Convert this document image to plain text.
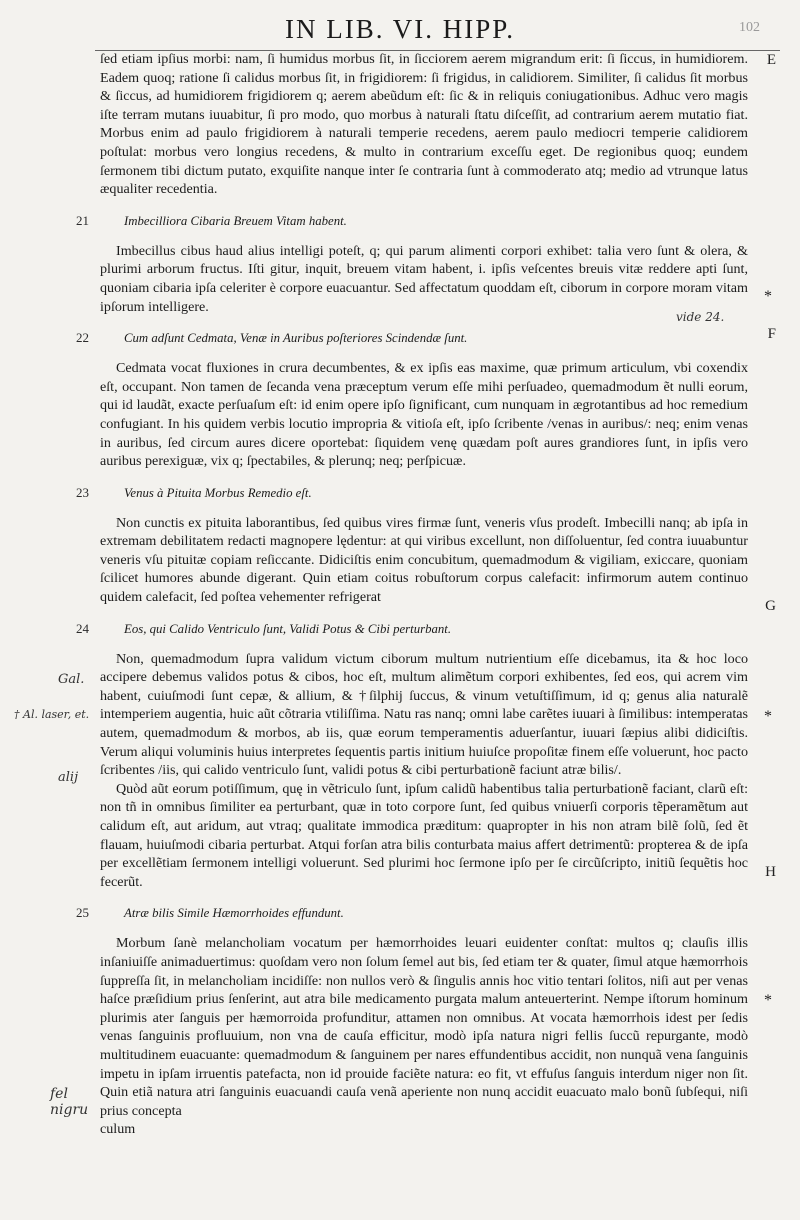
IN LIB. VI. HIPP.	102
E
F
G
H
*
*
*
Gal.
† Al. laser, et.
alij
fel nigru
vide 24.

ſed etiam ipſius morbi: nam, ſi humidus morbus ſit, in ſicciorem aerem migrandum erit: ſi ſiccus, in humidiorem. Eadem quoq; ratione ſi calidus morbus ſit, in frigidiorem: ſi frigidus, in calidiorem. Similiter, ſi calidus ſit morbus & ſiccus, ad humidiorem frigidiorem q; aerem abeũdum eſt: ſic & in reliquis coniugationibus. Adhuc vero magis iſte terram mutans iuuabitur, ſi pro modo, quo morbus à naturali ſtatu diſceſſit, ad contrarium aerem mutatio fiat. Morbus enim ad paulo frigidiorem à naturali temperie recedens, aerem paulo mediocri temperie calidiorem poſtulat: morbus vero longius recedens, & multo in contrarium exceſſu eget. De regionibus quoq; eundem ſermonem tibi dictum putato, exquiſite nanque inter ſe contraria ſunt à commoderato atq; medio ad vtrunque latus æqualiter recedentia.

21	Imbecilliora Cibaria Breuem Vitam habent.

Imbecillus cibus haud alius intelligi poteſt, q; qui parum alimenti corpori exhibet: talia vero ſunt & olera, & plurimi arborum fructus. Iſti gitur, inquit, breuem vitam habent, i. ipſis veſcentes breuis vitæ reddere apti ſunt, quoniam cibaria ipſa celeriter è corpore euacuantur. Sed affectatum quoddam eſt, ciborum in corpore moram vitam ipſorum intelligere.

22	Cum adſunt Cedmata, Venæ in Auribus poſteriores Scindendæ ſunt.

Cedmata vocat fluxiones in crura decumbentes, & ex ipſis eas maxime, quæ primum articulum, vbi coxendix eſt, occupant. Non tamen de ſecanda vena præceptum verum eſſe mihi perſuadeo, quemadmodum ẽt nulli eorum, qui id laudãt, exacte perſuaſum eſt: id enim opere ipſo ſignificant, cum nunquam in ægrotantibus ad hoc remedium confugiant. In his quidem verbis locutio impropria & vitioſa eſt, ipſo ſcribente /venas in auribus/: neq; enim venas in auribus, ſed circum aures dicere oportebat: ſiquidem venę quædam poſt aures grandiores ſunt, in ipſis vero auribus perexiguæ, vix q; ſpectabiles, & plerunq; neq; perſpicuæ.

23	Venus à Pituita Morbus Remedio eſt.

Non cunctis ex pituita laborantibus, ſed quibus vires firmæ ſunt, veneris vſus prodeſt. Imbecilli nanq; ab ipſa in extremam debilitatem redacti magnopere lędentur: at qui viribus excellunt, non diſſoluentur, ſed contra iuuabuntur veneris vſu pituitæ copiam reſiccante. Didiciſtis enim concubitum, quemadmodum & vigiliam, exiccare, quoniam ſcilicet humores abunde digerant. Quin etiam coitus robuſtorum corpus calefacit: infirmorum autem continuo quidem calefacit, ſed poſtea vehementer refrigerat

24	Eos, qui Calido Ventriculo ſunt, Validi Potus & Cibi perturbant.

Non, quemadmodum ſupra validum victum ciborum multum nutrientium eſſe dicebamus, ita & hoc loco accipere debemus validos potus & cibos, hoc eſt, multum alimẽtum corpori exhibentes, ſed eos, qui acrem vim habent, cuiuſmodi ſunt cepæ, & allium, & †ſilphij ſuccus, & vinum vetuſtiſſimum, id q; genus alia naturalẽ intemperiem augentia, huic aũt cõtraria vtiliſſima. Natu ras nanq; omni labe carẽtes iuuari à ſimilibus: intemperatas autem, quemadmodum & morbos, ab iis, quæ eorum temperamentis aduerſantur, iuuari ſæpius alibi didiciſtis. Verum aliqui voluminis huius interpretes ſequentis partis initium huiuſce propoſitæ finem eſſe voluerunt, hoc pacto ſcribentes /iis, qui calido ventriculo ſunt, validi potus & cibi perturbationẽ faciunt atræ bilis/.

Quòd aũt eorum potiſſimum, quę in vẽtriculo ſunt, ipſum calidũ habentibus talia perturbationẽ faciant, clarũ eſt: non tñ in omnibus ſimiliter ea perturbant, quæ in toto corpore ſunt, ſed quibus vniuerſi corporis tẽperamẽtum aut calidum eſt, aut aridum, aut vtraq; qualitate immodica præditum: quapropter in his non atram bilẽ ſolũ, ſed ẽt flauam, huiuſmodi cibaria perturbat. Atqui forſan atra bilis conturbata maius affert detrimentũ: propterea & de ipſa per excellẽtiam ſermonem intelligi voluerunt. Sed plurimi hoc ſermone ipſo per ſe circũſcripto, initiũ ſequẽtis hoc fecerũt.

25	Atræ bilis Simile Hæmorrhoides effundunt.

Morbum ſanè melancholiam vocatum per hæmorrhoides leuari euidenter conſtat: multos q; clauſis illis inſaniuiſſe animaduertimus: quoſdam vero non ſolum ſemel aut bis, ſed etiam ter & quater, ſimul atque hæmorrhois ſuppreſſa ſit, in melancholiam incidiſſe: non nullos verò & ſingulis annis hoc vitio tentari ſolitos, niſi aut per venas haſce præſidium prius ſenſerint, aut atra bile medicamento purgata malum anteuerterint. Nempe iſtorum hominum plurimis ater ſanguis per hæmorroida profunditur, attamen non omnibus. At vocata hæmorrhois idest per ſedis venas ſanguinis profluuium, non vna de cauſa efficitur, modò ipſa natura nigri fellis ſuccũ repurgante, modò multitudinem euacuante: quemadmodum & ſanguinem per nares effundentibus accidit, non nunquã vena ſanguinis impetu in ipſam irruentis patefacta, non id prouide faciẽte natura: eo fit, vt effuſus ſanguis interdum niger non ſit. Quin etiã natura atri ſanguinis euacuandi cauſa venã aperiente non nunq accidit euacuato malo bonũ ſubſequi, niſi prius concepta

culum
